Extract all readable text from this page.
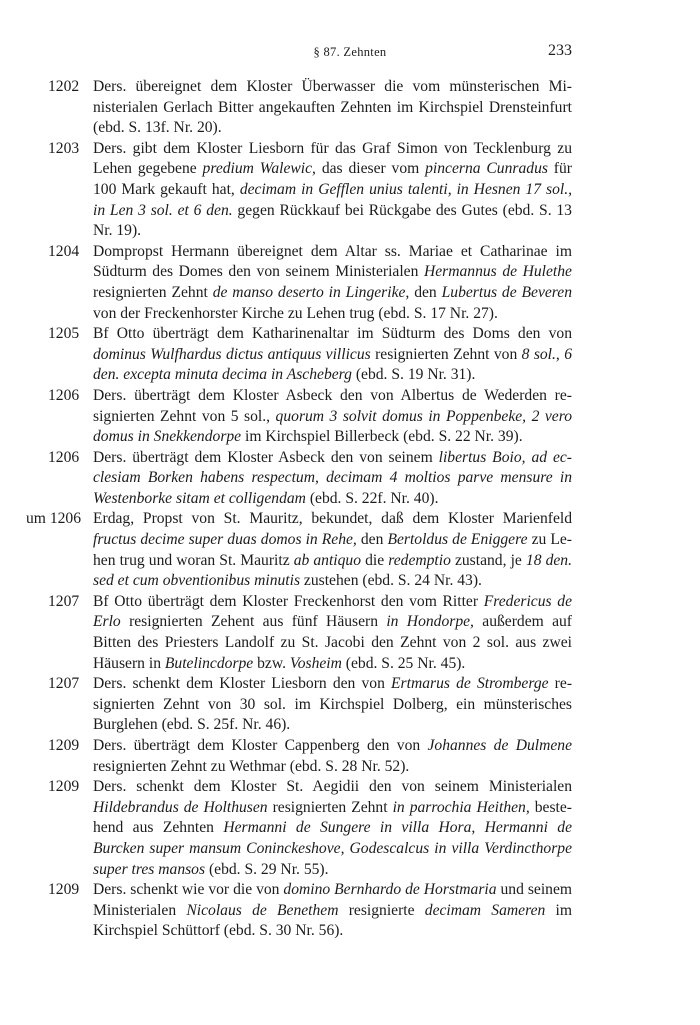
§ 87. Zehnten	233
1202 Ders. übereignet dem Kloster Überwasser die vom münsterischen Ministerialen Gerlach Bitter angekauften Zehnten im Kirchspiel Drensteinfurt (ebd. S. 13f. Nr. 20).
1203 Ders. gibt dem Kloster Liesborn für das Graf Simon von Tecklenburg zu Lehen gegebene predium Walewic, das dieser vom pincerna Cunradus für 100 Mark gekauft hat, decimam in Gefflen unius talenti, in Hesnen 17 sol., in Len 3 sol. et 6 den. gegen Rückkauf bei Rückgabe des Gutes (ebd. S. 13 Nr. 19).
1204 Dompropst Hermann übereignet dem Altar ss. Mariae et Catharinae im Südturm des Domes den von seinem Ministerialen Hermannus de Hulethe resignierten Zehnt de manso deserto in Lingerike, den Lubertus de Beveren von der Freckenhorster Kirche zu Lehen trug (ebd. S. 17 Nr. 27).
1205 Bf Otto überträgt dem Katharinenaltar im Südturm des Doms den von dominus Wulfhardus dictus antiquus villicus resignierten Zehnt von 8 sol., 6 den. excepta minuta decima in Ascheberg (ebd. S. 19 Nr. 31).
1206 Ders. überträgt dem Kloster Asbeck den von Albertus de Wederden resignierten Zehnt von 5 sol., quorum 3 solvit domus in Poppenbeke, 2 vero domus in Snekkendorpe im Kirchspiel Billerbeck (ebd. S. 22 Nr. 39).
1206 Ders. überträgt dem Kloster Asbeck den von seinem libertus Boio, ad ecclesiam Borken habens respectum, decimam 4 moltios parve mensure in Westenborke sitam et colligendam (ebd. S. 22f. Nr. 40).
um 1206 Erdag, Propst von St. Mauritz, bekundet, daß dem Kloster Marienfeld fructus decime super duas domos in Rehe, den Bertoldus de Eniggere zu Lehen trug und woran St. Mauritz ab antiquo die redemptio zustand, je 18 den. sed et cum obventionibus minutis zustehen (ebd. S. 24 Nr. 43).
1207 Bf Otto überträgt dem Kloster Freckenhorst den vom Ritter Fredericus de Erlo resignierten Zehent aus fünf Häusern in Hondorpe, außerdem auf Bitten des Priesters Landolf zu St. Jacobi den Zehnt von 2 sol. aus zwei Häusern in Butelincdorpe bzw. Vosheim (ebd. S. 25 Nr. 45).
1207 Ders. schenkt dem Kloster Liesborn den von Ertmarus de Stromberge resignierten Zehnt von 30 sol. im Kirchspiel Dolberg, ein münsterisches Burglehen (ebd. S. 25f. Nr. 46).
1209 Ders. überträgt dem Kloster Cappenberg den von Johannes de Dulmene resignierten Zehnt zu Wethmar (ebd. S. 28 Nr. 52).
1209 Ders. schenkt dem Kloster St. Aegidii den von seinem Ministerialen Hildebrandus de Holthusen resignierten Zehnt in parrochia Heithen, bestehend aus Zehnten Hermanni de Sungere in villa Hora, Hermanni de Burcken super mansum Coninckeshove, Godescalcus in villa Verdincthorpe super tres mansos (ebd. S. 29 Nr. 55).
1209 Ders. schenkt wie vor die von domino Bernhardo de Horstmaria und seinem Ministerialen Nicolaus de Benethem resignierte decimam Sameren im Kirchspiel Schüttorf (ebd. S. 30 Nr. 56).
